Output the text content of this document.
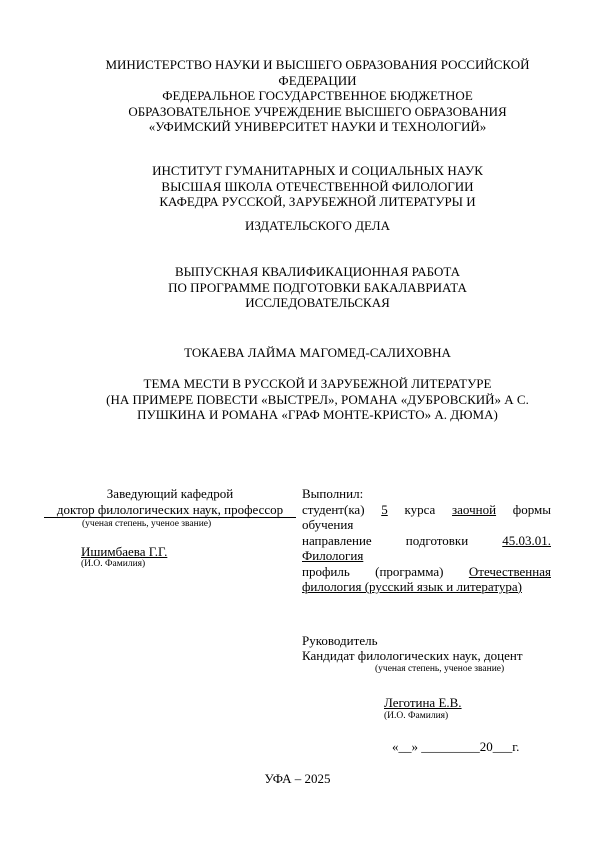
МИНИСТЕРСТВО НАУКИ И ВЫСШЕГО ОБРАЗОВАНИЯ РОССИЙСКОЙ
ФЕДЕРАЦИИ
ФЕДЕРАЛЬНОЕ ГОСУДАРСТВЕННОЕ БЮДЖЕТНОЕ
ОБРАЗОВАТЕЛЬНОЕ УЧРЕЖДЕНИЕ ВЫСШЕГО ОБРАЗОВАНИЯ
«УФИМСКИЙ УНИВЕРСИТЕТ НАУКИ И ТЕХНОЛОГИЙ»
ИНСТИТУТ ГУМАНИТАРНЫХ И СОЦИАЛЬНЫХ НАУК
ВЫСШАЯ ШКОЛА ОТЕЧЕСТВЕННОЙ ФИЛОЛОГИИ
КАФЕДРА РУССКОЙ, ЗАРУБЕЖНОЙ ЛИТЕРАТУРЫ И
ИЗДАТЕЛЬСКОГО ДЕЛА
ВЫПУСКНАЯ КВАЛИФИКАЦИОННАЯ РАБОТА
ПО ПРОГРАММЕ ПОДГОТОВКИ БАКАЛАВРИАТА
ИССЛЕДОВАТЕЛЬСКАЯ
ТОКАЕВА ЛАЙМА МАГОМЕД-САЛИХОВНА
ТЕМА МЕСТИ В РУССКОЙ И ЗАРУБЕЖНОЙ ЛИТЕРАТУРЕ
(НА ПРИМЕРЕ ПОВЕСТИ «ВЫСТРЕЛ», РОМАНА «ДУБРОВСКИЙ» А С.
ПУШКИНА И РОМАНА «ГРАФ МОНТЕ-КРИСТО» А. ДЮМА)
Заведующий кафедрой
доктор филологических наук, профессор
(ученая степень, ученое звание)
Ишимбаева Г.Г.
(И.О. Фамилия)
Выполнил:
студент(ка) 5 курса заочной формы
обучения
направление	подготовки	45.03.01.
Филология
профиль (программа) Отечественная
филология (русский язык и литература)
Руководитель
Кандидат филологических наук, доцент
(ученая степень, ученое звание)
Леготина Е.В.
(И.О. Фамилия)
«__» _________20___г.
УФА – 2025
